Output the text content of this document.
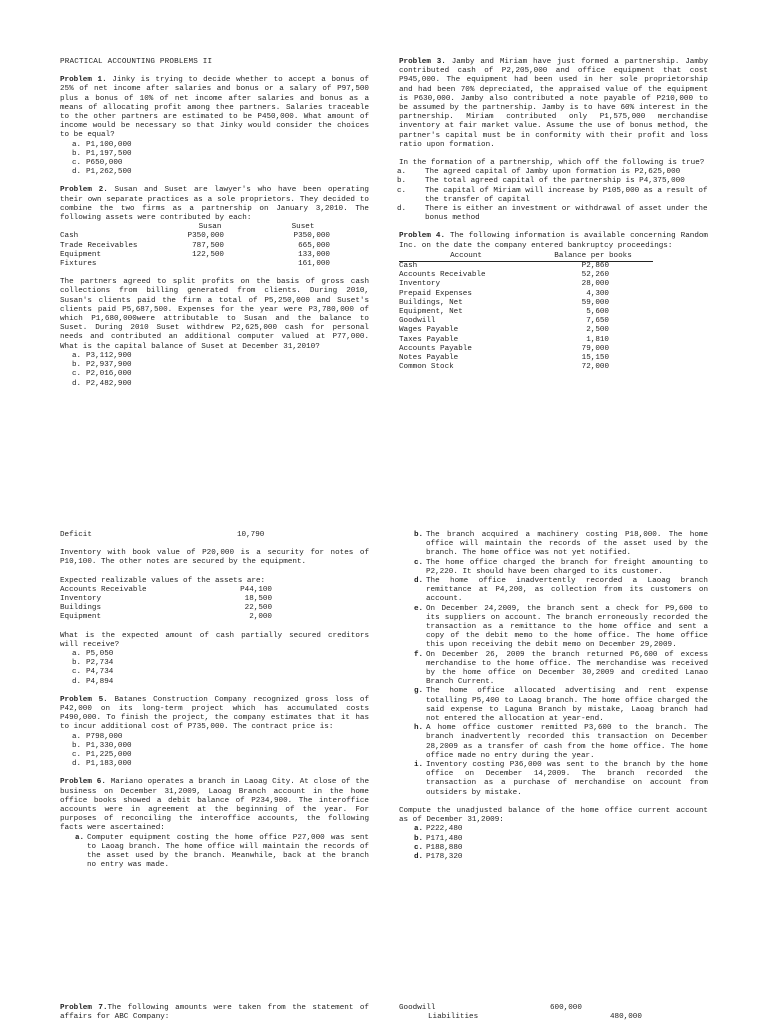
PRACTICAL ACCOUNTING PROBLEMS II

Problem 1. Jinky is trying to decide whether to accept a bonus of 25% of net income after salaries and bonus or a salary of P97,500 plus a bonus of 10% of net income after salaries and bonus as a means of allocating profit among thee partners. Salaries traceable to the other partners are estimated to be P450,000. What amount of income would be necessary so that Jinky would consider the choices to be equal?

a. P1,100,000
b. P1,197,500
c. P650,000
d. P1,262,500

Problem 2. Susan and Suset are lawyer's who have been operating their own separate practices as a sole proprietors. They decided to combine the two firms as a partnership on January 3,2010. The following assets were contributed by each:

	Susan	Suset
Cash	P350,000	P350,000
Trade Receivables	787,500	665,000
Equipment	122,500	133,000
Fixtures		161,000

The partners agreed to split profits on the basis of gross cash collections from billing generated from clients. During 2010, Susan's clients paid the firm a total of P5,250,000 and Suset's clients paid P5,687,500. Expenses for the year were P3,780,000 of which P1,680,000were attributable to Susan and the balance to Suset. During 2010 Suset withdrew P2,625,000 cash for personal needs and contributed an additional computer valued at P77,000. What is the capital balance of Suset at December 31,2010?

a. P3,112,900
b. P2,937,900
c. P2,016,000
d. P2,482,900

Problem 3. Jamby and Miriam have just formed a partnership. Jamby contributed cash of P2,205,000 and office equipment that cost P945,000. The equipment had been used in her sole proprietorship and had been 70% depreciated, the appraised value of the equipment is P630,000. Jamby also contributed a note payable of P210,000 to be assumed by the partnership. Jamby is to have 60% interest in the partnership. Miriam contributed only P1,575,000 merchandise inventory at fair market value. Assume the use of bonus method, the partner's capital must be in conformity with their profit and loss ratio upon formation.

In the formation of a partnership, which off the following is true?

a. The agreed capital of Jamby upon formation is P2,625,000
b. The total agreed capital of the partnership is P4,375,000
c. The capital of Miriam will increase by P105,000 as a result of the transfer of capital
d. There is either an investment or withdrawal of asset under the bonus method

Problem 4. The following information is available concerning Random Inc. on the date the company entered bankruptcy proceedings:

Account	Balance per books
Cash	P2,860
Accounts Receivable	52,260
Inventory	28,000
Prepaid Expenses	4,300
Buildings, Net	59,000
Equipment, Net	5,600
Goodwill	7,650
Wages Payable	2,500
Taxes Payable	1,810
Accounts Payable	79,000
Notes Payable	15,150
Common Stock	72,000
Deficit	10,790

Inventory with book value of P20,000 is a security for notes of P10,100. The other notes are secured by the equipment.

Expected realizable values of the assets are:
Accounts Receivable	P44,100
Inventory	18,500
Buildings	22,500
Equipment	2,000

What is the expected amount of cash partially secured creditors will receive?

a. P5,050
b. P2,734
c. P4,734
d. P4,894

Problem 5. Batanes Construction Company recognized gross loss of P42,000 on its long-term project which has accumulated costs P490,000. To finish the project, the company estimates that it has to incur additional cost of P735,000. The contract price is:

a. P798,000
b. P1,330,000
c. P1,225,000
d. P1,183,000

Problem 6. Mariano operates a branch in Laoag City. At close of the business on December 31,2009, Laoag Branch account in the home office books showed a debit balance of P234,900. The interoffice accounts were in agreement at the beginning of the year. For purposes of reconciling the interoffice accounts, the following facts were ascertained:

a. Computer equipment costing the home office P27,000 was sent to Laoag branch. The home office will maintain the records of the asset used by the branch. Meanwhile, back at the branch no entry was made.
b. The branch acquired a machinery costing P18,000. The home office will maintain the records of the asset used by the branch. The home office was not yet notified.
c. The home office charged the branch for freight amounting to P2,220. It should have been charged to its customer.
d. The home office inadvertently recorded a Laoag branch remittance at P4,200, as collection from its customers on account.
e. On December 24,2009, the branch sent a check for P9,600 to its suppliers on account. The branch erroneously recorded the transaction as a remittance to the home office and sent a copy of the debit memo to the home office. The home office this upon receiving the debit memo on December 29,2009.
f. On December 26, 2009 the branch returned P6,600 of excess merchandise to the home office. The merchandise was received by the home office on December 30,2009 and credited Lanao Branch Current.
g. The home office allocated advertising and rent expense totalling P5,400 to Laoag branch. The home office charged the said expense to Laguna Branch by mistake, Laoag branch had not entered the allocation at year-end.
h. A home office customer remitted P3,600 to the branch. The branch inadvertently recorded this transaction on December 28,2009 as a transfer of cash from the home office. The home office made no entry during the year.
i. Inventory costing P36,000 was sent to the branch by the home office on December 14,2009. The branch recorded the transaction as a purchase of merchandise on account from outsiders by mistake.

Compute the unadjusted balance of the home office current account as of December 31,2009:

a. P222,480
b. P171,480
c. P188,880
d. P178,320

Problem 7.The following amounts were taken from the statement of affairs for ABC Company:

Goodwill	600,000	
Liabilities		480,000
